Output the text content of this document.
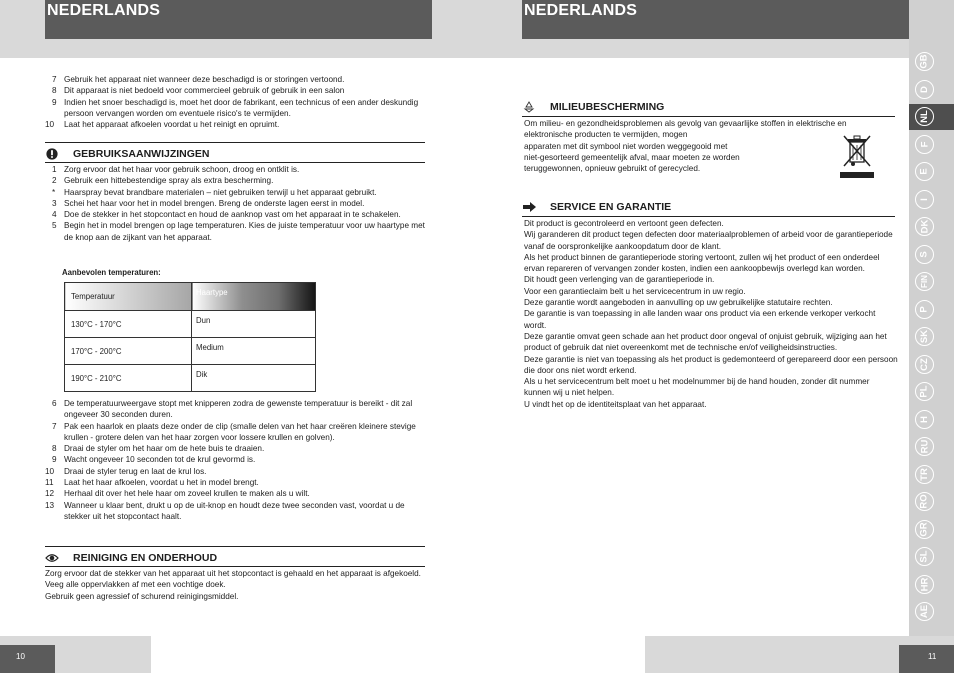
NEDERLANDS	NEDERLANDS
7 Gebruik het apparaat niet wanneer deze beschadigd is or storingen vertoond.
8 Dit apparaat is niet bedoeld voor commercieel gebruik of gebruik in een salon
9 Indien het snoer beschadigd is, moet het door de fabrikant, een technicus of een ander deskundig persoon vervangen worden om eventuele risico's te vermijden.
10	Laat het apparaat afkoelen voordat u het reinigt en opruimt.
GEBRUIKSAANWIJZINGEN
1 Zorg ervoor dat het haar voor gebruik schoon, droog en ontklit is.
2 Gebruik een hittebestendige spray als extra bescherming.
*	Haarspray bevat brandbare materialen – niet gebruiken terwijl u het apparaat gebruikt.
3 Schei het haar voor het in model brengen. Breng de onderste lagen eerst in model.
4 Doe de stekker in het stopcontact en houd de aanknop vast om het apparaat in te schakelen.
5 Begin het in model brengen op lage temperaturen. Kies de juiste temperatuur voor uw haartype met de knop aan de zijkant van het apparaat.
Aanbevolen temperaturen:
Temperatuur	Haartype
130°C - 170°C	Dun
170°C - 200°C	Medium
190°C - 210°C	Dik
6 De temperatuurweergave stopt met knipperen zodra de gewenste temperatuur is bereikt - dit zal ongeveer 30 seconden duren.
7 Pak een haarlok en plaats deze onder de clip (smalle delen van het haar creëren kleinere stevige krullen - grotere delen van het haar zorgen voor lossere krullen en golven).
8 Draai de styler om het haar om de hete buis te draaien.
9 Wacht ongeveer 10 seconden tot de krul gevormd is.
10	Draai de styler terug en laat de krul los.
11	Laat het haar afkoelen, voordat u het in model brengt.
12	Herhaal dit over het hele haar om zoveel krullen te maken als u wilt.
13	Wanneer u klaar bent, drukt u op de uit-knop en houdt deze twee seconden vast, voordat u de stekker uit het stopcontact haalt.
REINIGING EN ONDERHOUD
Zorg ervoor dat de stekker van het apparaat uit het stopcontact is gehaald en het apparaat is afgekoeld.
Veeg alle oppervlakken af met een vochtige doek.
Gebruik geen agressief of schurend reinigingsmiddel.
MILIEUBESCHERMING
Om milieu- en gezondheidsproblemen als gevolg van gevaarlijke stoffen in elektrische en elektronische producten te vermijden, mogen
apparaten met dit symbool niet worden weggegooid met
niet-gesorteerd gemeentelijk afval, maar moeten ze worden
teruggewonnen, opnieuw gebruikt of gerecycled.
SERVICE EN GARANTIE
Dit product is gecontroleerd en vertoont geen defecten.
Wij garanderen dit product tegen defecten door materiaalproblemen of arbeid voor de garantieperiode vanaf de oorspronkelijke aankoopdatum door de klant.
Als het product binnen de garantieperiode storing vertoont, zullen wij het product of een onderdeel ervan repareren of vervangen zonder kosten, indien een aankoopbewijs overlegd kan worden.
Dit houdt geen verlenging van de garantieperiode in.
Voor een garantieclaim belt u het servicecentrum in uw regio.
Deze garantie wordt aangeboden in aanvulling op uw gebruikelijke statutaire rechten.
De garantie is van toepassing in alle landen waar ons product via een erkende verkoper verkocht wordt.
Deze garantie omvat geen schade aan het product door ongeval of onjuist gebruik, wijziging aan het product of gebruik dat niet overeenkomt met de technische en/of veiligheidsinstructies.
Deze garantie is niet van toepassing als het product is gedemonteerd of gerepareerd door een persoon die door ons niet wordt erkend.
Als u het servicecentrum belt moet u het modelnummer bij de hand houden, zonder dit nummer kunnen wij u niet helpen.
U vindt het op de identiteitsplaat van het apparaat.
GB
D
NL
F
E
I
DK
S
FIN
P
SK
CZ
PL
H
RU
TR
RO
GR
SL
HR
AE
10	11
